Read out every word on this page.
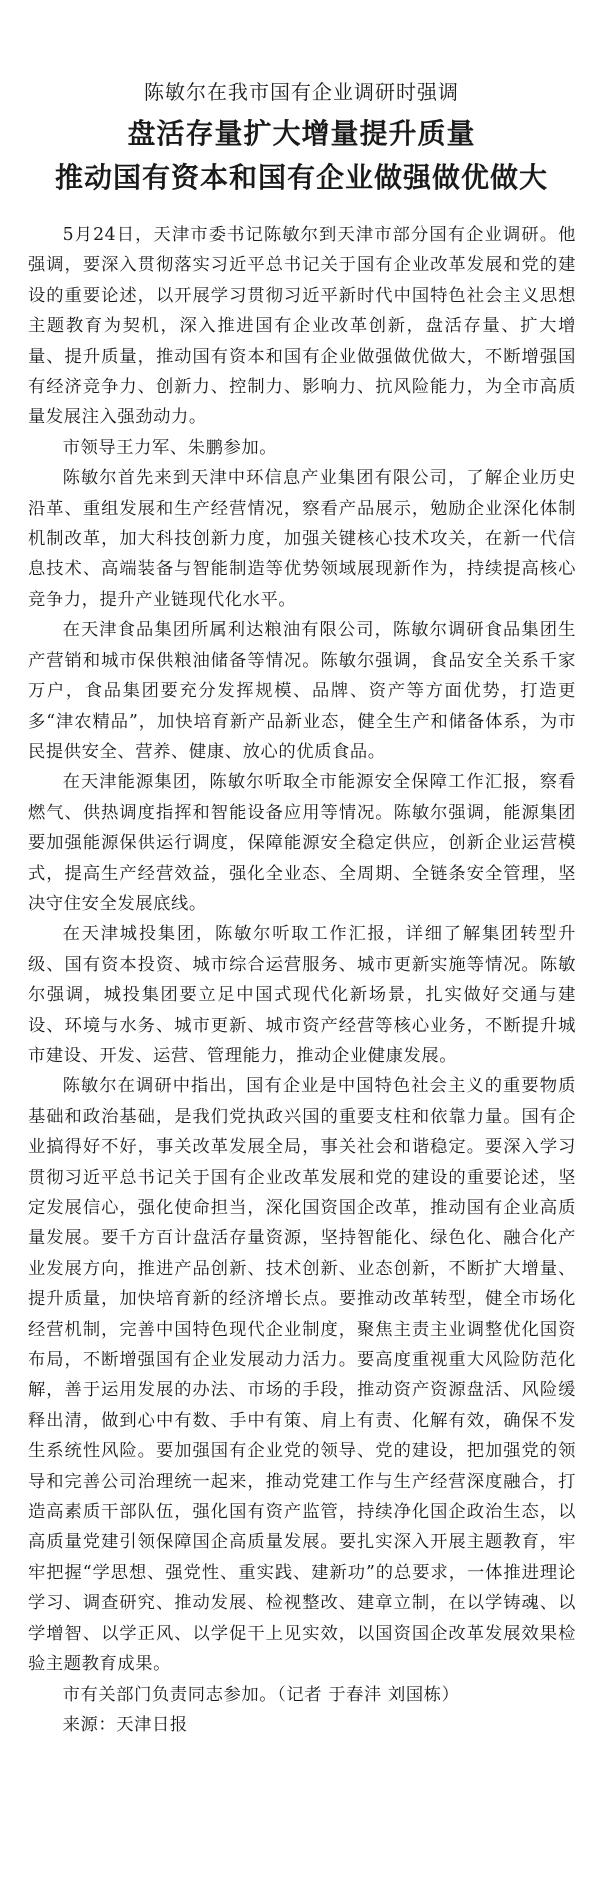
陈敏尔在我市国有企业调研时强调
盘活存量扩大增量提升质量
推动国有资本和国有企业做强做优做大

5月24日，天津市委书记陈敏尔到天津市部分国有企业调研。他强调，要深入贯彻落实习近平总书记关于国有企业改革发展和党的建设的重要论述，以开展学习贯彻习近平新时代中国特色社会主义思想主题教育为契机，深入推进国有企业改革创新，盘活存量、扩大增量、提升质量，推动国有资本和国有企业做强做优做大，不断增强国有经济竞争力、创新力、控制力、影响力、抗风险能力，为全市高质量发展注入强劲动力。

市领导王力军、朱鹏参加。

陈敏尔首先来到天津中环信息产业集团有限公司，了解企业历史沿革、重组发展和生产经营情况，察看产品展示，勉励企业深化体制机制改革，加大科技创新力度，加强关键核心技术攻关，在新一代信息技术、高端装备与智能制造等优势领域展现新作为，持续提高核心竞争力，提升产业链现代化水平。

在天津食品集团所属利达粮油有限公司，陈敏尔调研食品集团生产营销和城市保供粮油储备等情况。陈敏尔强调，食品安全关系千家万户，食品集团要充分发挥规模、品牌、资产等方面优势，打造更多“津农精品”，加快培育新产品新业态，健全生产和储备体系，为市民提供安全、营养、健康、放心的优质食品。

在天津能源集团，陈敏尔听取全市能源安全保障工作汇报，察看燃气、供热调度指挥和智能设备应用等情况。陈敏尔强调，能源集团要加强能源保供运行调度，保障能源安全稳定供应，创新企业运营模式，提高生产经营效益，强化全业态、全周期、全链条安全管理，坚决守住安全发展底线。

在天津城投集团，陈敏尔听取工作汇报，详细了解集团转型升级、国有资本投资、城市综合运营服务、城市更新实施等情况。陈敏尔强调，城投集团要立足中国式现代化新场景，扎实做好交通与建设、环境与水务、城市更新、城市资产经营等核心业务，不断提升城市建设、开发、运营、管理能力，推动企业健康发展。

陈敏尔在调研中指出，国有企业是中国特色社会主义的重要物质基础和政治基础，是我们党执政兴国的重要支柱和依靠力量。国有企业搞得好不好，事关改革发展全局，事关社会和谐稳定。要深入学习贯彻习近平总书记关于国有企业改革发展和党的建设的重要论述，坚定发展信心，强化使命担当，深化国资国企改革，推动国有企业高质量发展。要千方百计盘活存量资源，坚持智能化、绿色化、融合化产业发展方向，推进产品创新、技术创新、业态创新，不断扩大增量、提升质量，加快培育新的经济增长点。要推动改革转型，健全市场化经营机制，完善中国特色现代企业制度，聚焦主责主业调整优化国资布局，不断增强国有企业发展动力活力。要高度重视重大风险防范化解，善于运用发展的办法、市场的手段，推动资产资源盘活、风险缓释出清，做到心中有数、手中有策、肩上有责、化解有效，确保不发生系统性风险。要加强国有企业党的领导、党的建设，把加强党的领导和完善公司治理统一起来，推动党建工作与生产经营深度融合，打造高素质干部队伍，强化国有资产监管，持续净化国企政治生态，以高质量党建引领保障国企高质量发展。要扎实深入开展主题教育，牢牢把握“学思想、强党性、重实践、建新功”的总要求，一体推进理论学习、调查研究、推动发展、检视整改、建章立制，在以学铸魂、以学增智、以学正风、以学促干上见实效，以国资国企改革发展效果检验主题教育成果。

市有关部门负责同志参加。（记者 于春沣 刘国栋）

来源：天津日报
